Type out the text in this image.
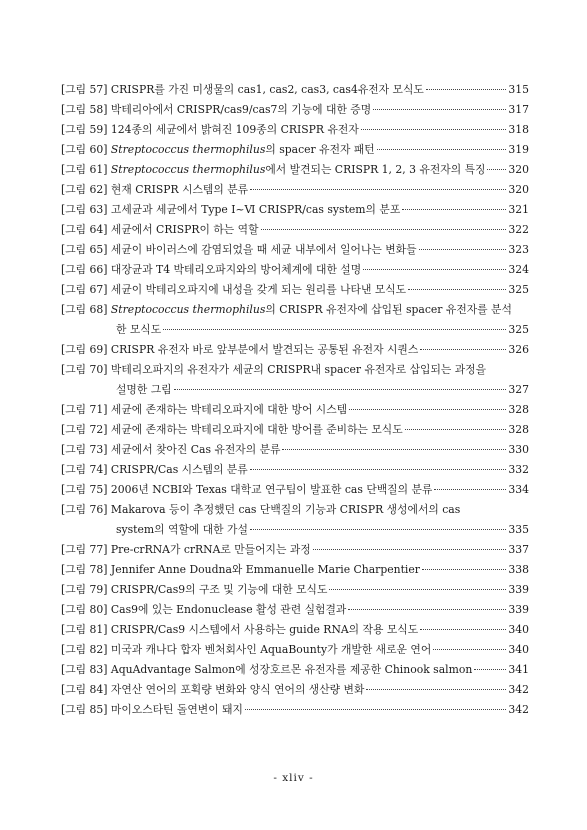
[그림 57] CRISPR를 가진 미생물의 cas1, cas2, cas3, cas4유전자 모식도	315
[그림 58] 박테리아에서 CRISPR/cas9/cas7의 기능에 대한 증명	317
[그림 59] 124종의 세균에서 밝혀진 109종의 CRISPR 유전자	318
[그림 60] Streptococcus thermophilus의 spacer 유전자 패턴	319
[그림 61] Streptococcus thermophilus에서 발견되는 CRISPR 1, 2, 3 유전자의 특징 320
[그림 62] 현재 CRISPR 시스템의 분류	320
[그림 63] 고세균과 세균에서 Type Ⅰ~Ⅵ CRISPR/cas system의 분포	321
[그림 64] 세균에서 CRISPR이 하는 역할	322
[그림 65] 세균이 바이러스에 감염되었을 때 세균 내부에서 일어나는 변화들	323
[그림 66] 대장균과 T4 박테리오파지와의 방어체계에 대한 설명	324
[그림 67] 세균이 박테리오파지에 내성을 갖게 되는 원리를 나타낸 모식도	325
[그림 68] Streptococcus thermophilus의 CRISPR 유전자에 삽입된 spacer 유전자를 분석
한 모식도	325
[그림 69] CRISPR 유전자 바로 앞부분에서 발견되는 공통된 유전자 시퀀스	326
[그림 70] 박테리오파지의 유전자가 세균의 CRISPR내 spacer 유전자로 삽입되는 과정을
설명한 그림	327
[그림 71] 세균에 존재하는 박테리오파지에 대한 방어 시스템	328
[그림 72] 세균에 존재하는 박테리오파지에 대한 방어를 준비하는 모식도	328
[그림 73] 세균에서 찾아진 Cas 유전자의 분류	330
[그림 74] CRISPR/Cas 시스템의 분류	332
[그림 75] 2006년 NCBI와 Texas 대학교 연구팀이 발표한 cas 단백질의 분류	334
[그림 76] Makarova 등이 추정했던 cas 단백질의 기능과 CRISPR 생성에서의 cas
system의 역할에 대한 가설	335
[그림 77] Pre-crRNA가 crRNA로 만들어지는 과정	337
[그림 78] Jennifer Anne Doudna와 Emmanuelle Marie Charpentier	338
[그림 79] CRISPR/Cas9의 구조 및 기능에 대한 모식도	339
[그림 80] Cas9에 있는 Endonuclease 활성 관련 실험결과	339
[그림 81] CRISPR/Cas9 시스템에서 사용하는 guide RNA의 작용 모식도	340
[그림 82] 미국과 캐나다 합자 벤처회사인 AquaBounty가 개발한 새로운 연어	340
[그림 83] AquAdvantage Salmon에 성장호르몬 유전자를 제공한 Chinook salmon	341
[그림 84] 자연산 연어의 포획량 변화와 양식 연어의 생산량 변화	342
[그림 85] 마이오스타틴 돌연변이 돼지	342
- xliv -
